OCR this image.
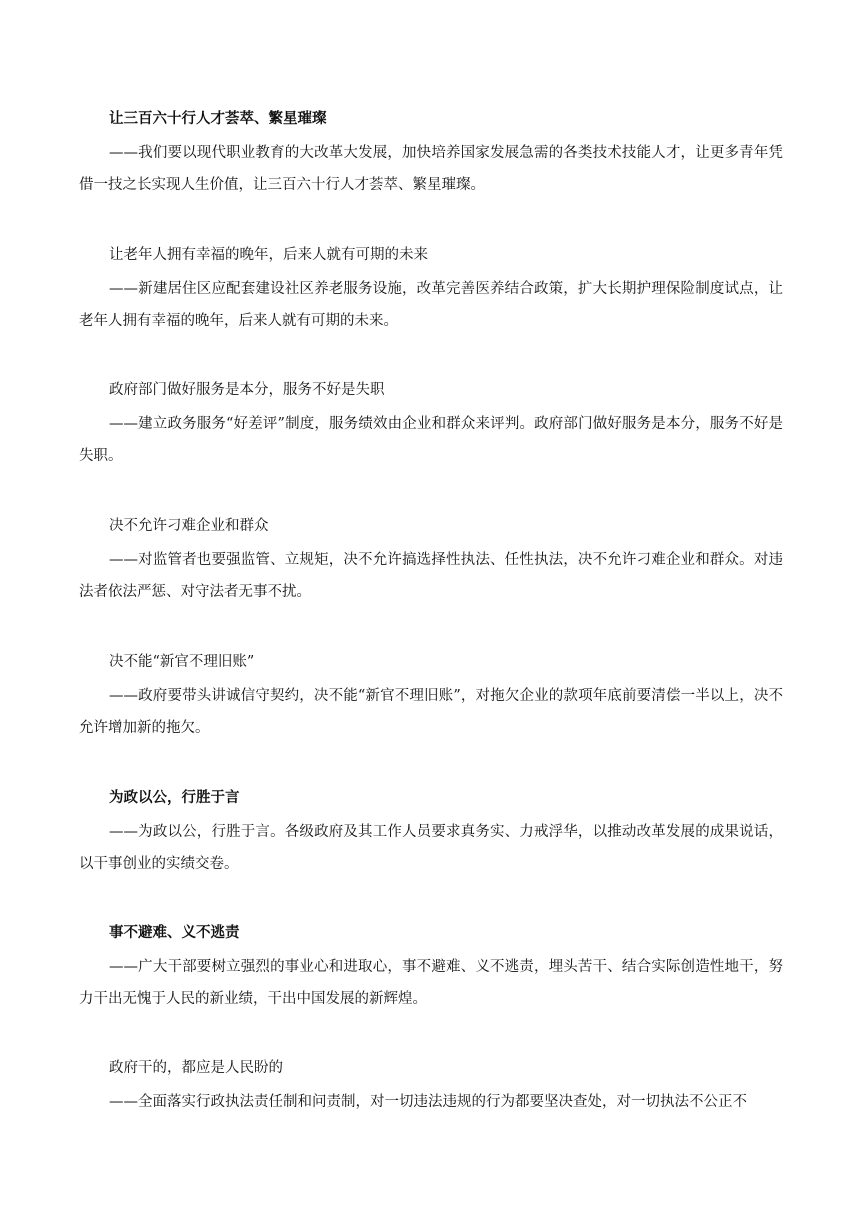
让三百六十行人才荟萃、繁星璀璨

——我们要以现代职业教育的大改革大发展，加快培养国家发展急需的各类技术技能人才，让更多青年凭借一技之长实现人生价值，让三百六十行人才荟萃、繁星璀璨。

让老年人拥有幸福的晚年，后来人就有可期的未来

——新建居住区应配套建设社区养老服务设施，改革完善医养结合政策，扩大长期护理保险制度试点，让老年人拥有幸福的晚年，后来人就有可期的未来。

政府部门做好服务是本分，服务不好是失职

——建立政务服务“好差评”制度，服务绩效由企业和群众来评判。政府部门做好服务是本分，服务不好是失职。

决不允许刁难企业和群众

——对监管者也要强监管、立规矩，决不允许搞选择性执法、任性执法，决不允许刁难企业和群众。对违法者依法严惩、对守法者无事不扰。

决不能“新官不理旧账”

——政府要带头讲诚信守契约，决不能“新官不理旧账”，对拖欠企业的款项年底前要清偿一半以上，决不允许增加新的拖欠。

为政以公，行胜于言

——为政以公，行胜于言。各级政府及其工作人员要求真务实、力戒浮华，以推动改革发展的成果说话，以干事创业的实绩交卷。

事不避难、义不逃责

——广大干部要树立强烈的事业心和进取心，事不避难、义不逃责，埋头苦干、结合实际创造性地干，努力干出无愧于人民的新业绩，干出中国发展的新辉煌。

政府干的，都应是人民盼的

——全面落实行政执法责任制和问责制，对一切违法违规的行为都要坚决查处，对一切执法不公正不
